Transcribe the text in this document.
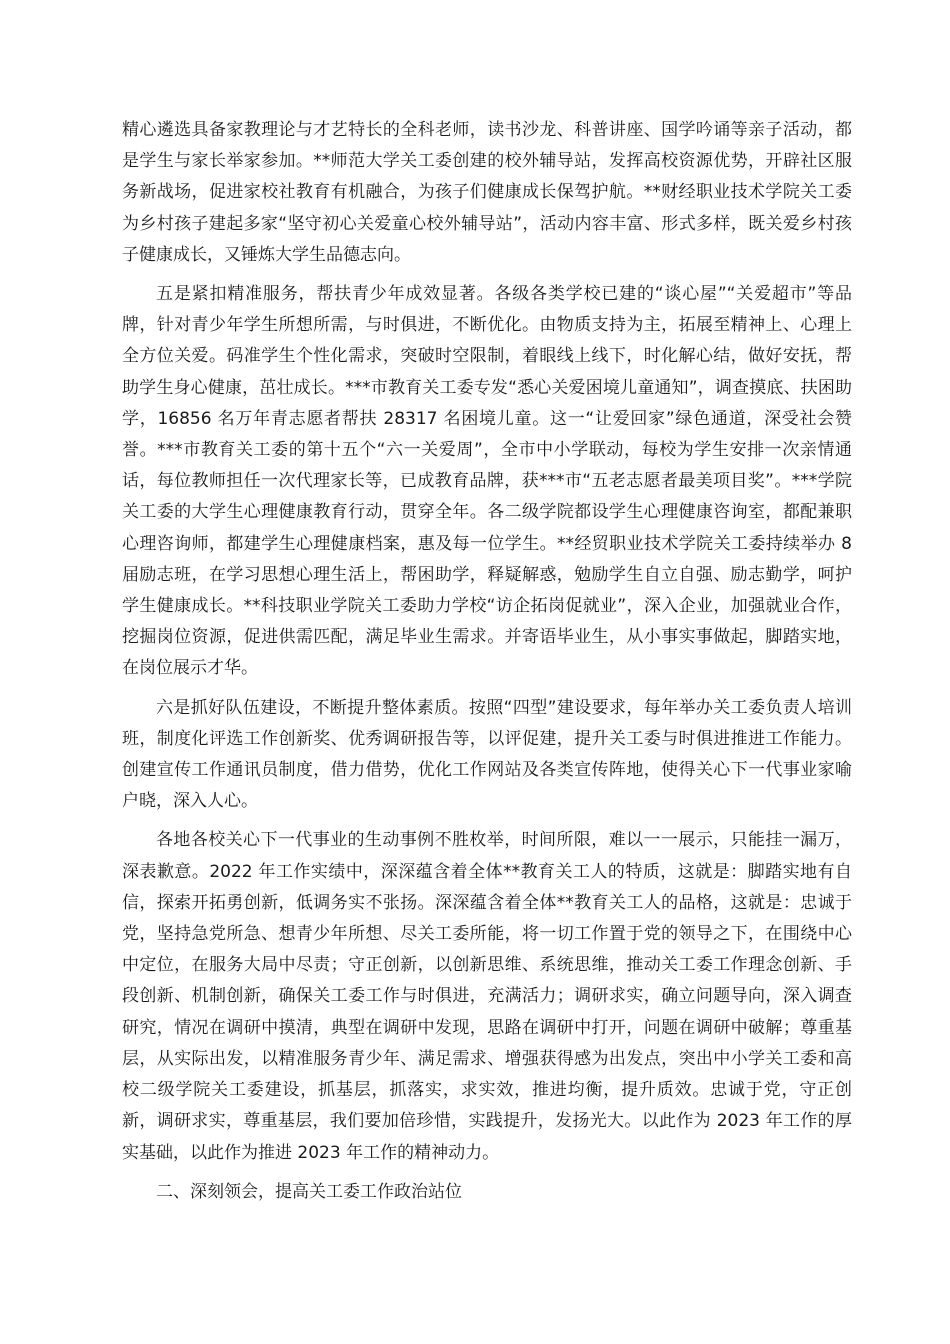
精心遴选具备家教理论与才艺特长的全科老师，读书沙龙、科普讲座、国学吟诵等亲子活动，都是学生与家长举家参加。**师范大学关工委创建的校外辅导站，发挥高校资源优势，开辟社区服务新战场，促进家校社教育有机融合，为孩子们健康成长保驾护航。**财经职业技术学院关工委为乡村孩子建起多家“坚守初心关爱童心校外辅导站”，活动内容丰富、形式多样，既关爱乡村孩子健康成长，又锤炼大学生品德志向。

五是紧扣精准服务，帮扶青少年成效显著。各级各类学校已建的“谈心屋”“关爱超市”等品牌，针对青少年学生所想所需，与时俱进，不断优化。由物质支持为主，拓展至精神上、心理上全方位关爱。码准学生个性化需求，突破时空限制，着眼线上线下，时化解心结，做好安抚，帮助学生身心健康，茁壮成长。***市教育关工委专发“悉心关爱困境儿童通知”，调查摸底、扶困助学，16856 名万年青志愿者帮扶 28317 名困境儿童。这一“让爱回家”绿色通道，深受社会赞誉。***市教育关工委的第十五个“六一关爱周”，全市中小学联动，每校为学生安排一次亲情通话，每位教师担任一次代理家长等，已成教育品牌，获***市“五老志愿者最美项目奖”。***学院关工委的大学生心理健康教育行动，贯穿全年。各二级学院都设学生心理健康咨询室，都配兼职心理咨询师，都建学生心理健康档案，惠及每一位学生。**经贸职业技术学院关工委持续举办 8 届励志班，在学习思想心理生活上，帮困助学，释疑解惑，勉励学生自立自强、励志勤学，呵护学生健康成长。**科技职业学院关工委助力学校“访企拓岗促就业”，深入企业，加强就业合作，挖掘岗位资源，促进供需匹配，满足毕业生需求。并寄语毕业生，从小事实事做起，脚踏实地，在岗位展示才华。

六是抓好队伍建设，不断提升整体素质。按照“四型”建设要求，每年举办关工委负责人培训班，制度化评选工作创新奖、优秀调研报告等，以评促建，提升关工委与时俱进推进工作能力。创建宣传工作通讯员制度，借力借势，优化工作网站及各类宣传阵地，使得关心下一代事业家喻户晓，深入人心。

各地各校关心下一代事业的生动事例不胜枚举，时间所限，难以一一展示，只能挂一漏万，深表歉意。2022 年工作实绩中，深深蕴含着全体**教育关工人的特质，这就是：脚踏实地有自信，探索开拓勇创新，低调务实不张扬。深深蕴含着全体**教育关工人的品格，这就是：忠诚于党，坚持急党所急、想青少年所想、尽关工委所能，将一切工作置于党的领导之下，在围绕中心中定位，在服务大局中尽责；守正创新，以创新思维、系统思维，推动关工委工作理念创新、手段创新、机制创新，确保关工委工作与时俱进，充满活力；调研求实，确立问题导向，深入调查研究，情况在调研中摸清，典型在调研中发现，思路在调研中打开，问题在调研中破解；尊重基层，从实际出发，以精准服务青少年、满足需求、增强获得感为出发点，突出中小学关工委和高校二级学院关工委建设，抓基层，抓落实，求实效，推进均衡，提升质效。忠诚于党，守正创新，调研求实，尊重基层，我们要加倍珍惜，实践提升，发扬光大。以此作为 2023 年工作的厚实基础，以此作为推进 2023 年工作的精神动力。

二、深刻领会，提高关工委工作政治站位
